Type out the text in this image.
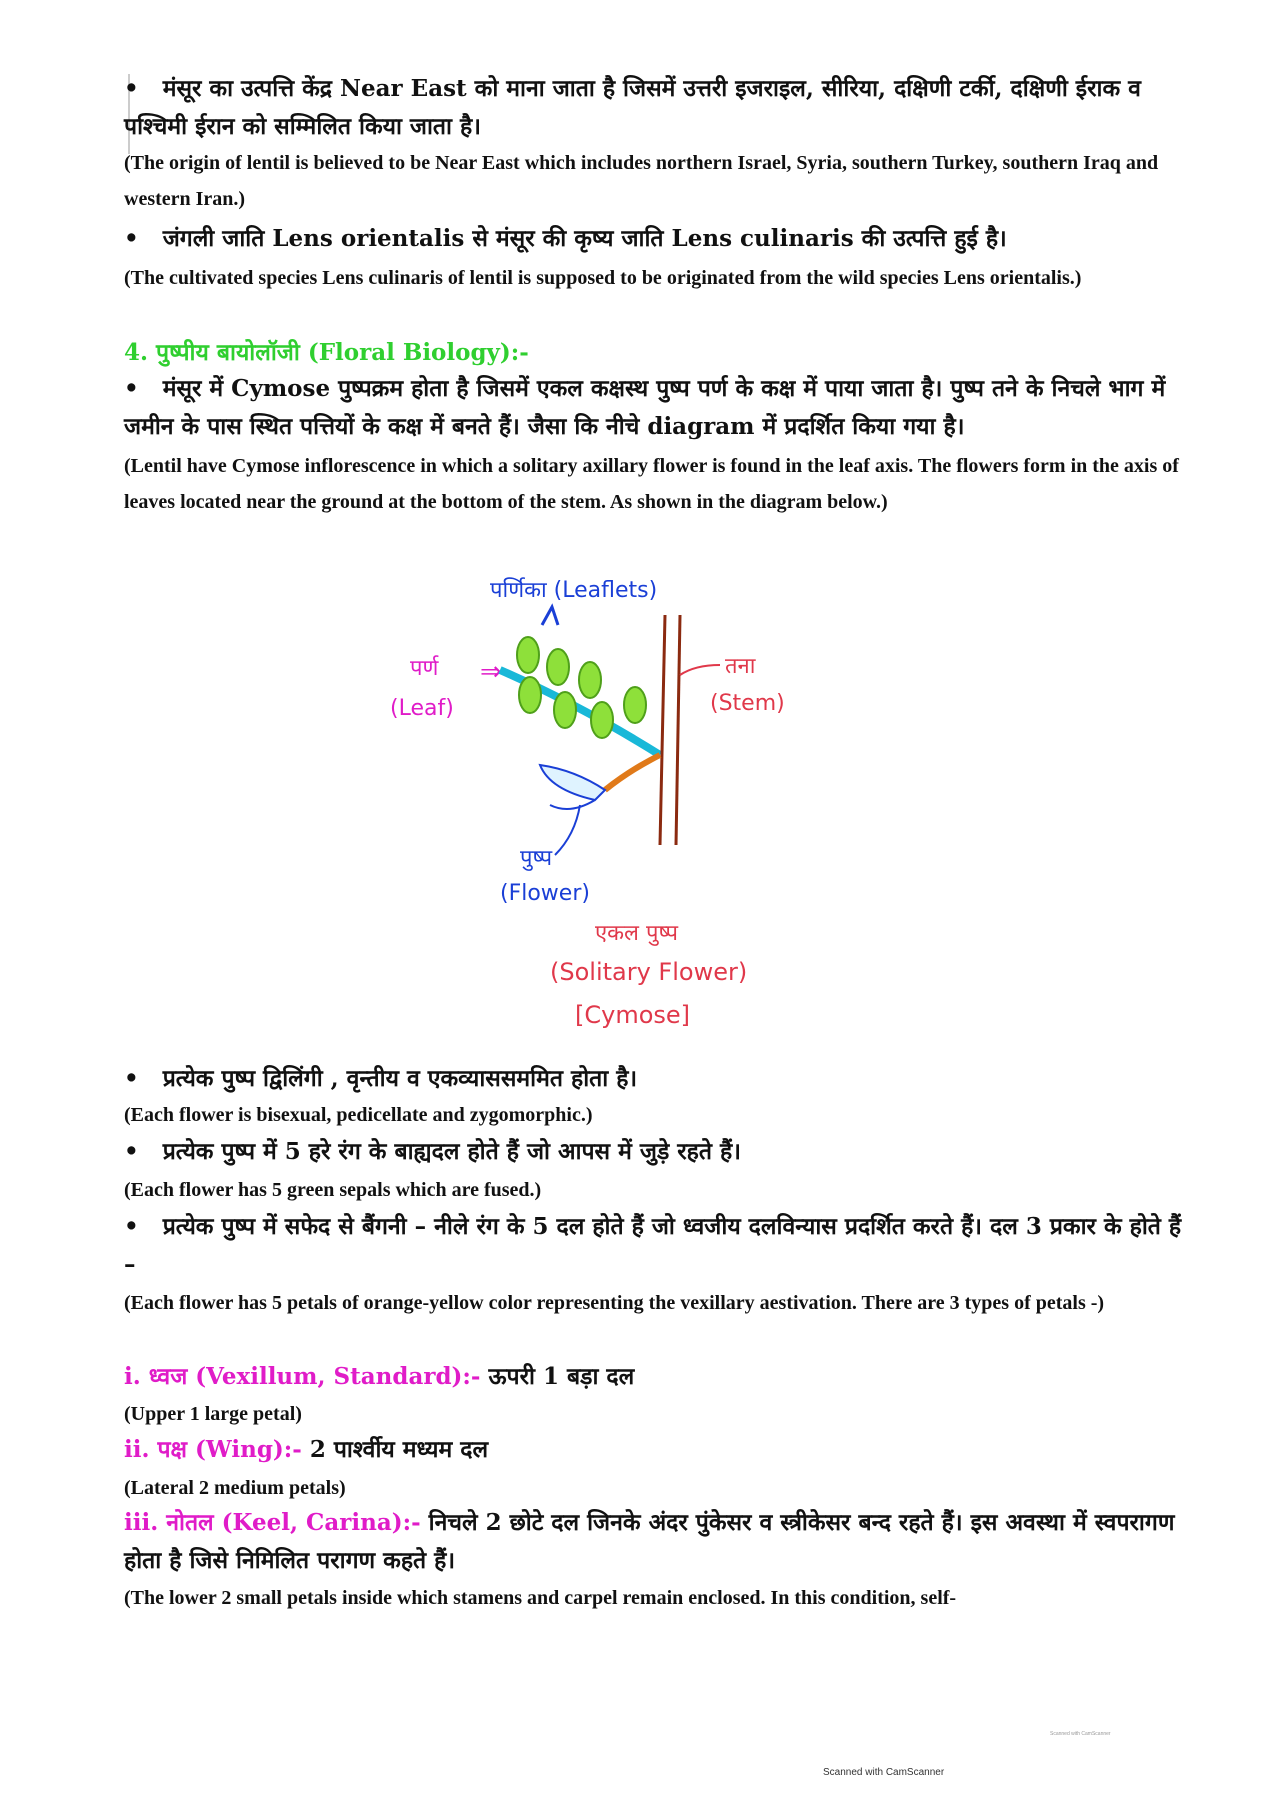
• मंसूर का उत्पत्ति केंद्र Near East को माना जाता है जिसमें उत्तरी इजराइल, सीरिया, दक्षिणी टर्की, दक्षिणी ईराक व पश्चिमी ईरान को सम्मिलित किया जाता है।
(The origin of lentil is believed to be Near East which includes northern Israel, Syria, southern Turkey, southern Iraq and western Iran.)
• जंगली जाति Lens orientalis से मंसूर की कृष्य जाति Lens culinaris की उत्पत्ति हुई है।
(The cultivated species Lens culinaris of lentil is supposed to be originated from the wild species Lens orientalis.)
4. पुष्पीय बायोलॉजी (Floral Biology):-
• मंसूर में Cymose पुष्पक्रम होता है जिसमें एकल कक्षस्थ पुष्प पर्ण के कक्ष में पाया जाता है। पुष्प तने के निचले भाग में जमीन के पास स्थित पत्तियों के कक्ष में बनते हैं। जैसा कि नीचे diagram में प्रदर्शित किया गया है।
(Lentil have Cymose inflorescence in which a solitary axillary flower is found in the leaf axis. The flowers form in the axis of leaves located near the ground at the bottom of the stem. As shown in the diagram below.)
पर्णिका (Leaflets)
पर्ण
(Leaf)
⇒	तना
(Stem)
पुष्प
(Flower)
एकल पुष्प
(Solitary Flower)
[Cymose]
• प्रत्येक पुष्प द्विलिंगी , वृन्तीय व एकव्याससममित होता है।
(Each flower is bisexual, pedicellate and zygomorphic.)
• प्रत्येक पुष्प में 5 हरे रंग के बाह्यदल होते हैं जो आपस में जुड़े रहते हैं।
(Each flower has 5 green sepals which are fused.)
• प्रत्येक पुष्प में सफेद से बैंगनी – नीले रंग के 5 दल होते हैं जो ध्वजीय दलविन्यास प्रदर्शित करते हैं। दल 3 प्रकार के होते हैं –
(Each flower has 5 petals of orange-yellow color representing the vexillary aestivation. There are 3 types of petals -)
i. ध्वज (Vexillum, Standard):- ऊपरी 1 बड़ा दल
(Upper 1 large petal)
ii. पक्ष (Wing):- 2 पार्श्वीय मध्यम दल
(Lateral 2 medium petals)
iii. नोतल (Keel, Carina):- निचले 2 छोटे दल जिनके अंदर पुंकेसर व स्त्रीकेसर बन्द रहते हैं। इस अवस्था में स्वपरागण होता है जिसे निमिलित परागण कहते हैं।
(The lower 2 small petals inside which stamens and carpel remain enclosed. In this condition, self-
Scanned with CamScanner
Scanned with CamScanner
